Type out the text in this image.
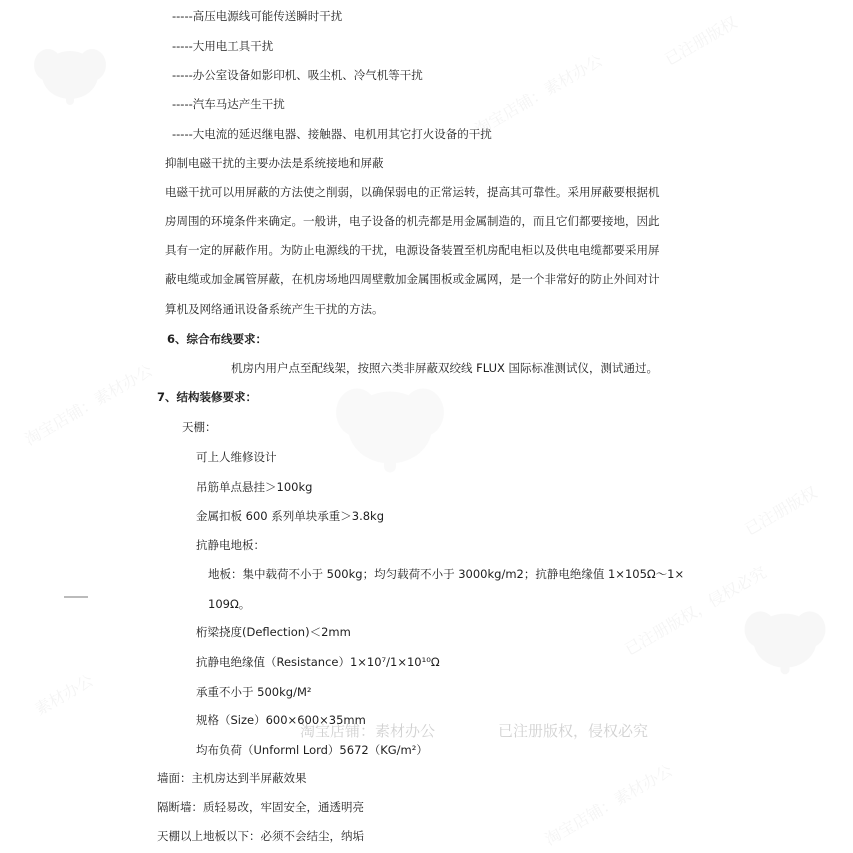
淘宝店铺：素材办公
已注册版权
淘宝店铺：素材办公
已注册版权，侵权必究
淘宝店铺：素材办公
已注册版权
素材办公
淘宝店铺：素材办公	已注册版权，侵权必究
-----高压电源线可能传送瞬时干扰
-----大用电工具干扰
-----办公室设备如影印机、吸尘机、冷气机等干扰
-----汽车马达产生干扰
-----大电流的延迟继电器、接触器、电机用其它打火设备的干扰
抑制电磁干扰的主要办法是系统接地和屏蔽
电磁干扰可以用屏蔽的方法使之削弱，以确保弱电的正常运转，提高其可靠性。采用屏蔽要根据机
房周围的环境条件来确定。一般讲，电子设备的机壳都是用金属制造的，而且它们都要接地，因此
具有一定的屏蔽作用。为防止电源线的干扰，电源设备装置至机房配电柜以及供电电缆都要采用屏
蔽电缆或加金属管屏蔽，在机房场地四周壁敷加金属围板或金属网，是一个非常好的防止外间对计
算机及网络通讯设备系统产生干扰的方法。
6、综合布线要求：
机房内用户点至配线架，按照六类非屏蔽双绞线 FLUX 国际标准测试仪，测试通过。
7、结构装修要求：
天棚：
可上人维修设计
吊筋单点悬挂＞100kg
金属扣板 600 系列单块承重＞3.8kg
抗静电地板：
地板：集中载荷不小于 500kg；均匀载荷不小于 3000kg/m2；抗静电绝缘值 1×105Ω～1×
109Ω。
桁梁挠度(Deflection)＜2mm
抗静电绝缘值（Resistance）1×10⁷/1×10¹⁰Ω
承重不小于 500kg/M²
规格（Size）600×600×35mm
均布负荷（Unforml Lord）5672（KG/m²）
墙面：主机房达到半屏蔽效果
隔断墙：质轻易改，牢固安全，通透明亮
天棚以上地板以下：必须不会结尘，纳垢
